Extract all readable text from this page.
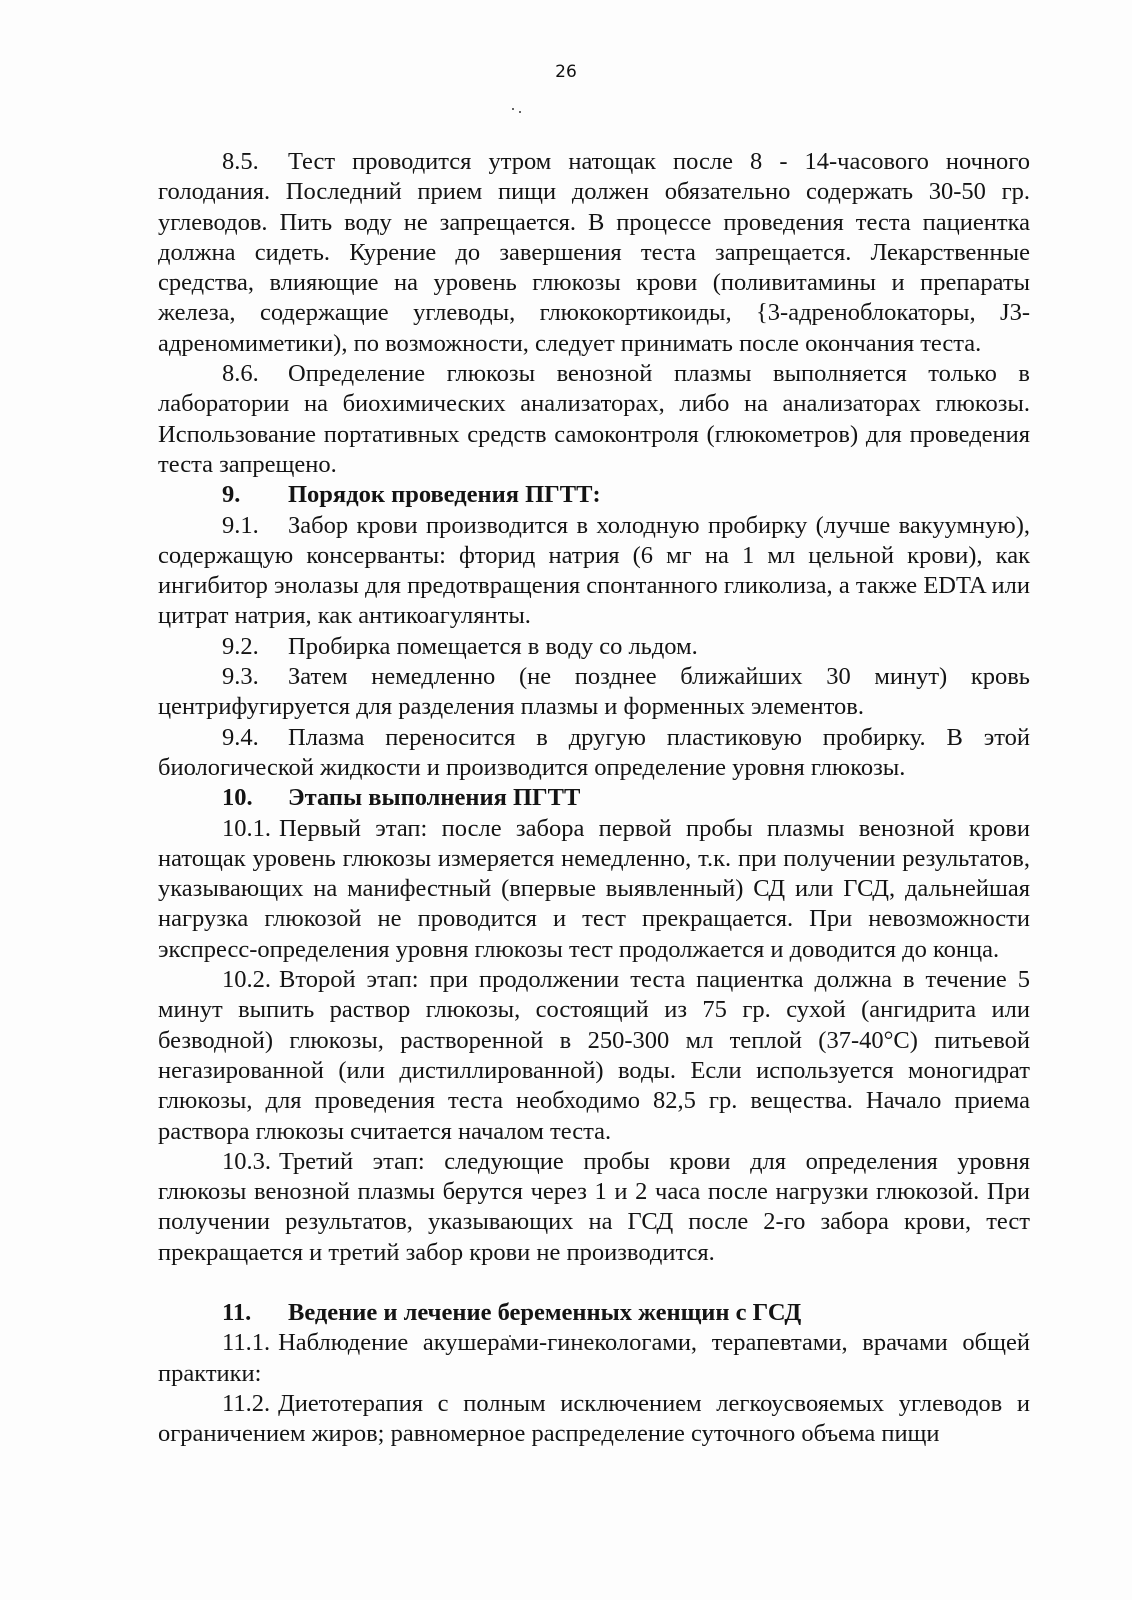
26

8.5. Тест проводится утром натощак после 8 - 14-часового ночного голодания. Последний прием пищи должен обязательно содержать 30-50 гр. углеводов. Пить воду не запрещается. В процессе проведения теста пациентка должна сидеть. Курение до завершения теста запрещается. Лекарственные средства, влияющие на уровень глюкозы крови (поливитамины и препараты железа, содержащие углеводы, глюкокортикоиды, {3-адреноблокаторы, J3-адреномиметики), по возможности, следует принимать после окончания теста.

8.6. Определение глюкозы венозной плазмы выполняется только в лаборатории на биохимических анализаторах, либо на анализаторах глюкозы. Использование портативных средств самоконтроля (глюкометров) для проведения теста запрещено.

9. Порядок проведения ПГТТ:

9.1. Забор крови производится в холодную пробирку (лучше вакуумную), содержащую консерванты: фторид натрия (6 мг на 1 мл цельной крови), как ингибитор энолазы для предотвращения спонтанного гликолиза, а также EDTA или цитрат натрия, как антикоагулянты.

9.2. Пробирка помещается в воду со льдом.

9.3. Затем немедленно (не позднее ближайших 30 минут) кровь центрифугируется для разделения плазмы и форменных элементов.

9.4. Плазма переносится в другую пластиковую пробирку. В этой биологической жидкости и производится определение уровня глюкозы.

10. Этапы выполнения ПГТТ

10.1. Первый этап: после забора первой пробы плазмы венозной крови натощак уровень глюкозы измеряется немедленно, т.к. при получении результатов, указывающих на манифестный (впервые выявленный) СД или ГСД, дальнейшая нагрузка глюкозой не проводится и тест прекращается. При невозможности экспресс-определения уровня глюкозы тест продолжается и доводится до конца.

10.2. Второй этап: при продолжении теста пациентка должна в течение 5 минут выпить раствор глюкозы, состоящий из 75 гр. сухой (ангидрита или безводной) глюкозы, растворенной в 250-300 мл теплой (37-40°С) питьевой негазированной (или дистиллированной) воды. Если используется моногидрат глюкозы, для проведения теста необходимо 82,5 гр. вещества. Начало приема раствора глюкозы считается началом теста.

10.3. Третий этап: следующие пробы крови для определения уровня глюкозы венозной плазмы берутся через 1 и 2 часа после нагрузки глюкозой. При получении результатов, указывающих на ГСД после 2-го забора крови, тест прекращается и третий забор крови не производится.

11. Ведение и лечение беременных женщин с ГСД

11.1. Наблюдение акушерами-гинекологами, терапевтами, врачами общей практики:

11.2. Диетотерапия с полным исключением легкоусвояемых углеводов и ограничением жиров; равномерное распределение суточного объема пищи
